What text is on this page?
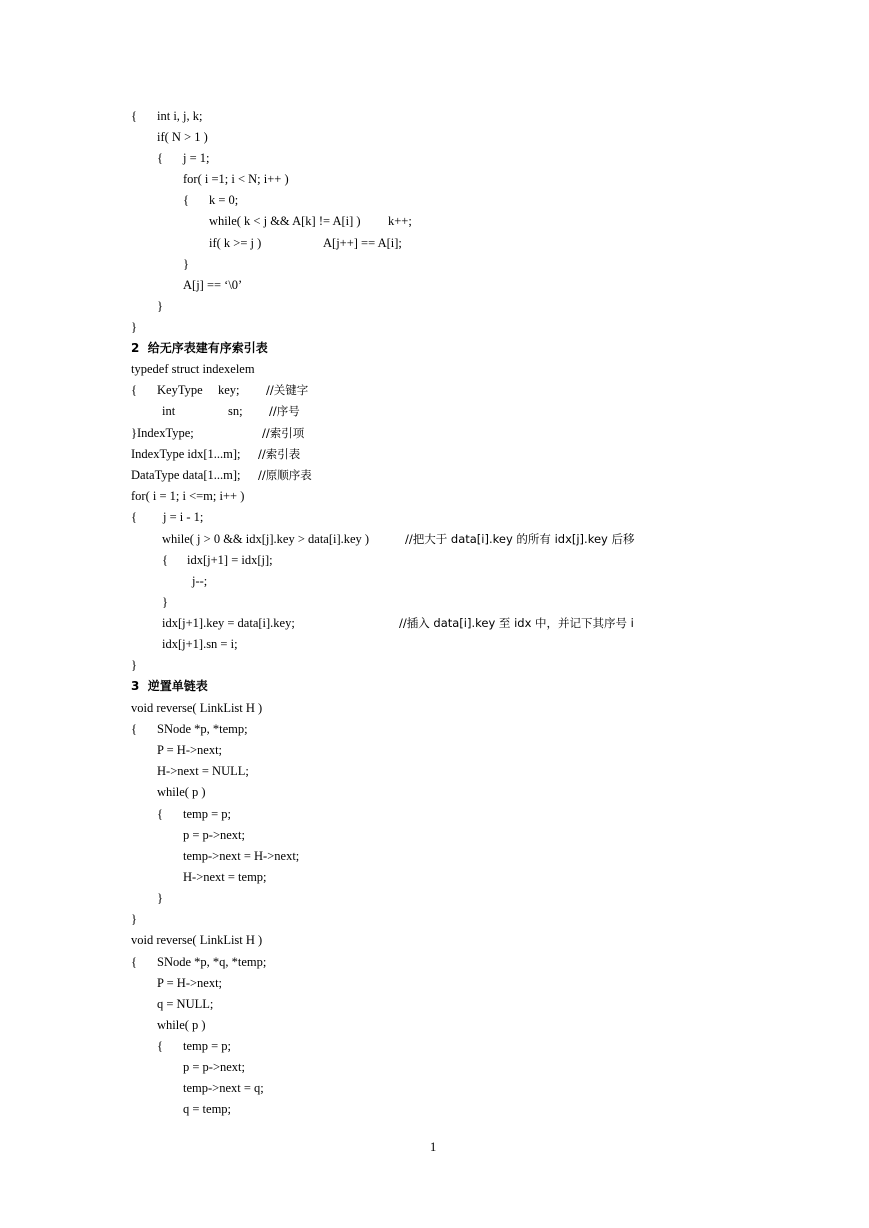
{ int i, j, k;
if( N > 1 )
{ j = 1;
for( i =1; i < N; i++ )
{ k = 0;
while( k < j && A[k] != A[i] ) k++;
if( k >= j )	A[j++] == A[i];
}
A[j] == ‘\0’
}
}
2  给无序表建有序索引表
typedef struct indexelem
{ KeyType key; //关键字
int	sn; //序号
}IndexType;	//索引项
IndexType idx[1...m]; //索引表
DataType data[1...m]; //原顺序表
for( i = 1; i <=m; i++ )
{ j = i - 1;
while( j > 0 && idx[j].key > data[i].key )	//把大于 data[i].key 的所有 idx[j].key 后移
{ idx[j+1] = idx[j];
j--;
}
idx[j+1].key = data[i].key;	//插入 data[i].key 至 idx 中，并记下其序号 i
idx[j+1].sn = i;
}
3  逆置单链表
void reverse( LinkList H )
{ SNode *p, *temp;
P = H->next;
H->next = NULL;
while( p )
{ temp = p;
p = p->next;
temp->next = H->next;
H->next = temp;
}
}
void reverse( LinkList H )
{ SNode *p, *q, *temp;
P = H->next;
q = NULL;
while( p )
{ temp = p;
p = p->next;
temp->next = q;
q = temp;
1
